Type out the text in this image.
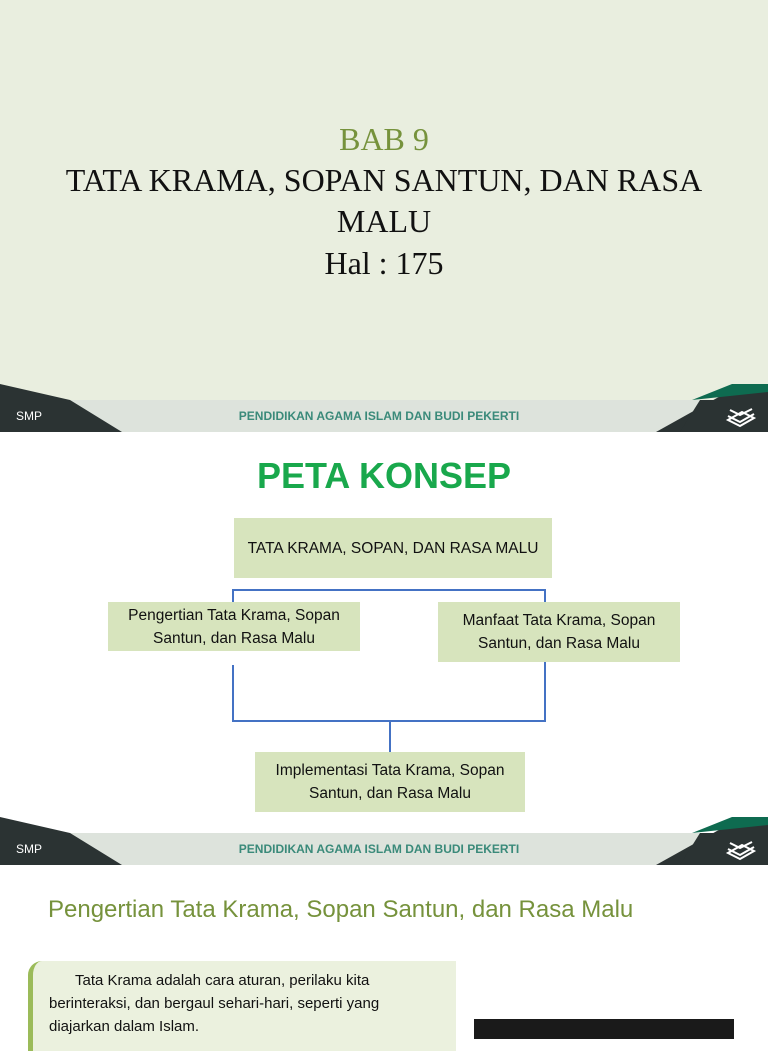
BAB 9
TATA KRAMA, SOPAN SANTUN, DAN RASA MALU
Hal : 175
SMP	PENDIDIKAN AGAMA ISLAM DAN BUDI PEKERTI
PETA KONSEP
TATA KRAMA, SOPAN, DAN RASA MALU
Pengertian Tata Krama, Sopan Santun, dan Rasa Malu
Manfaat Tata Krama, Sopan Santun, dan Rasa Malu
Implementasi Tata Krama, Sopan Santun, dan Rasa Malu
SMP	PENDIDIKAN AGAMA ISLAM DAN BUDI PEKERTI
Pengertian Tata Krama, Sopan Santun, dan Rasa Malu
Tata Krama adalah cara aturan, perilaku kita berinteraksi, dan bergaul sehari-hari, seperti yang diajarkan dalam Islam.
